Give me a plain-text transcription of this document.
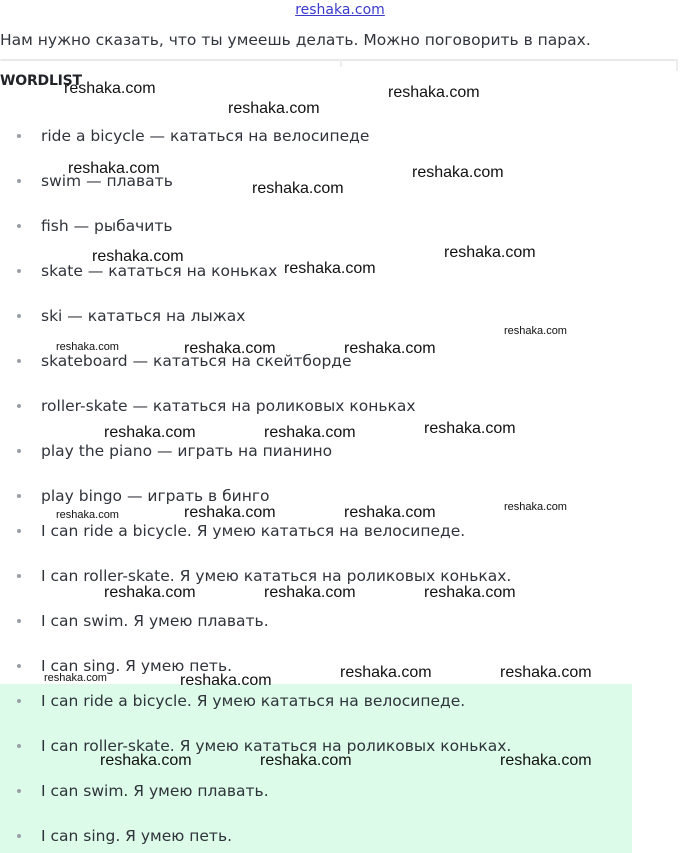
reshaka.com

Нам нужно сказать, что ты умеешь делать. Можно поговорить в парах.

WORDLIST
ride a bicycle — кататься на велосипеде
swim — плавать
fish — рыбачить
skate — кататься на коньках
ski — кататься на лыжах
skateboard — кататься на скейтборде
roller-skate — кататься на роликовых коньках
play the piano — играть на пианино
play bingo — играть в бинго
I can ride a bicycle. Я умею кататься на велосипеде.
I can roller-skate. Я умею кататься на роликовых коньках.
I can swim. Я умею плавать.
I can sing. Я умею петь.
I can ride a bicycle. Я умею кататься на велосипеде.
I can roller-skate. Я умею кататься на роликовых коньках.
I can swim. Я умею плавать.
I can sing. Я умею петь.
reshaka.com
reshaka.com
reshaka.com
reshaka.com
reshaka.com
reshaka.com
reshaka.com
reshaka.com
reshaka.com
reshaka.com
reshaka.com	reshaka.com	reshaka.com
reshaka.com	reshaka.com	reshaka.com
reshaka.com
reshaka.com	reshaka.com	reshaka.com
reshaka.com	reshaka.com	reshaka.com
reshaka.com	reshaka.com
reshaka.com	reshaka.com
reshaka.com	reshaka.com	reshaka.com
